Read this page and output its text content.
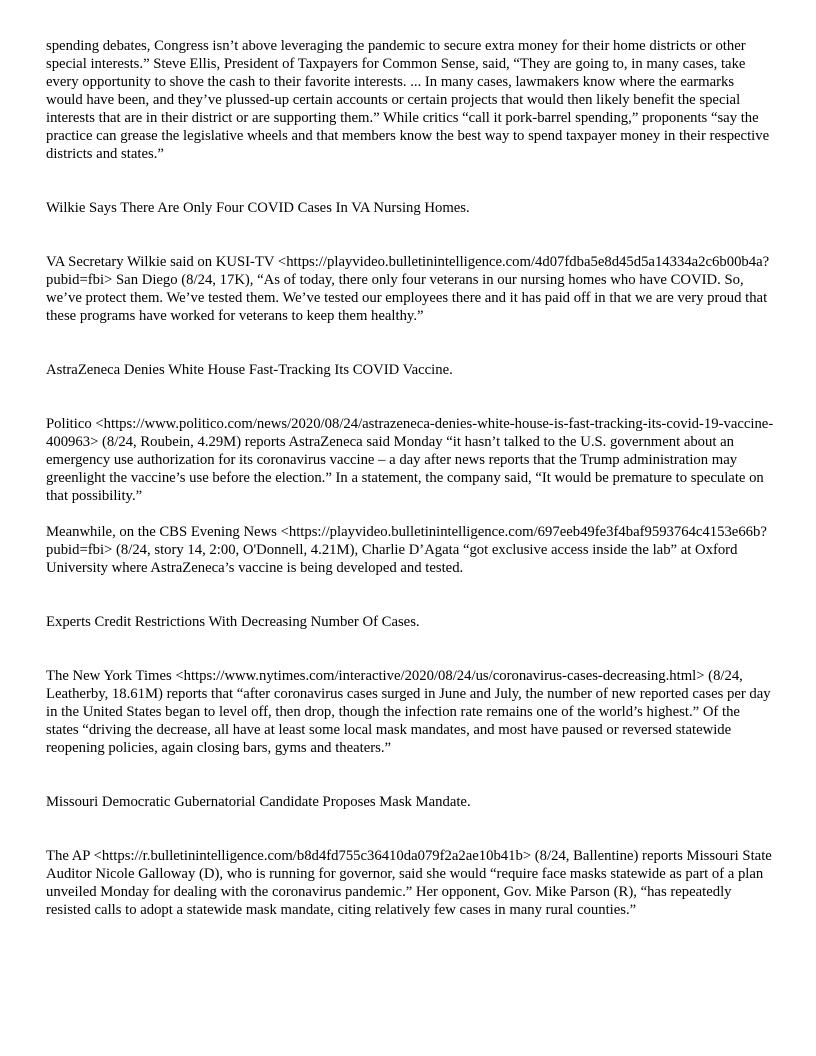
spending debates, Congress isn’t above leveraging the pandemic to secure extra money for their home districts or other special interests.” Steve Ellis, President of Taxpayers for Common Sense, said, “They are going to, in many cases, take every opportunity to shove the cash to their favorite interests. ... In many cases, lawmakers know where the earmarks would have been, and they’ve plussed-up certain accounts or certain projects that would then likely benefit the special interests that are in their district or are supporting them.” While critics “call it pork-barrel spending,” proponents “say the practice can grease the legislative wheels and that members know the best way to spend taxpayer money in their respective districts and states.”

Wilkie Says There Are Only Four COVID Cases In VA Nursing Homes.

VA Secretary Wilkie said on KUSI-TV <https://playvideo.bulletinintelligence.com/4d07fdba5e8d45d5a14334a2c6b00b4a?pubid=fbi> San Diego (8/24, 17K), “As of today, there only four veterans in our nursing homes who have COVID. So, we’ve protect them. We’ve tested them. We’ve tested our employees there and it has paid off in that we are very proud that these programs have worked for veterans to keep them healthy.”

AstraZeneca Denies White House Fast-Tracking Its COVID Vaccine.

Politico <https://www.politico.com/news/2020/08/24/astrazeneca-denies-white-house-is-fast-tracking-its-covid-19-vaccine-400963> (8/24, Roubein, 4.29M) reports AstraZeneca said Monday “it hasn’t talked to the U.S. government about an emergency use authorization for its coronavirus vaccine – a day after news reports that the Trump administration may greenlight the vaccine’s use before the election.” In a statement, the company said, “It would be premature to speculate on that possibility.”

Meanwhile, on the CBS Evening News <https://playvideo.bulletinintelligence.com/697eeb49fe3f4baf9593764c4153e66b?pubid=fbi> (8/24, story 14, 2:00, O'Donnell, 4.21M), Charlie D’Agata “got exclusive access inside the lab” at Oxford University where AstraZeneca’s vaccine is being developed and tested.

Experts Credit Restrictions With Decreasing Number Of Cases.

The New York Times <https://www.nytimes.com/interactive/2020/08/24/us/coronavirus-cases-decreasing.html> (8/24, Leatherby, 18.61M) reports that “after coronavirus cases surged in June and July, the number of new reported cases per day in the United States began to level off, then drop, though the infection rate remains one of the world’s highest.” Of the states “driving the decrease, all have at least some local mask mandates, and most have paused or reversed statewide reopening policies, again closing bars, gyms and theaters.”

Missouri Democratic Gubernatorial Candidate Proposes Mask Mandate.

The AP <https://r.bulletinintelligence.com/b8d4fd755c36410da079f2a2ae10b41b> (8/24, Ballentine) reports Missouri State Auditor Nicole Galloway (D), who is running for governor, said she would “require face masks statewide as part of a plan unveiled Monday for dealing with the coronavirus pandemic.” Her opponent, Gov. Mike Parson (R), “has repeatedly resisted calls to adopt a statewide mask mandate, citing relatively few cases in many rural counties.”
